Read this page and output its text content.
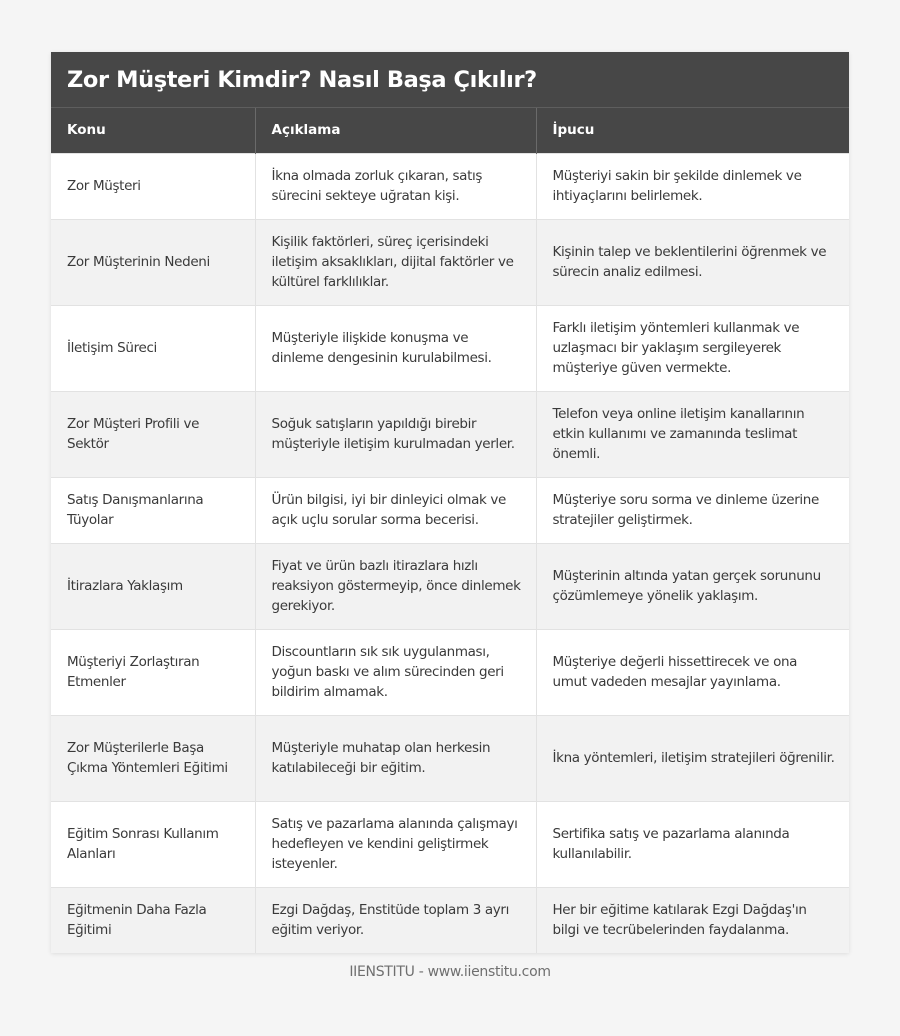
Zor Müşteri Kimdir? Nasıl Başa Çıkılır?
Konu	Açıklama	İpucu
Zor Müşteri	İkna olmada zorluk çıkaran, satış sürecini sekteye uğratan kişi.	Müşteriyi sakin bir şekilde dinlemek ve ihtiyaçlarını belirlemek.
Zor Müşterinin Nedeni	Kişilik faktörleri, süreç içerisindeki iletişim aksaklıkları, dijital faktörler ve kültürel farklılıklar.	Kişinin talep ve beklentilerini öğrenmek ve sürecin analiz edilmesi.
İletişim Süreci	Müşteriyle ilişkide konuşma ve dinleme dengesinin kurulabilmesi.	Farklı iletişim yöntemleri kullanmak ve uzlaşmacı bir yaklaşım sergileyerek müşteriye güven vermekte.
Zor Müşteri Profili ve Sektör	Soğuk satışların yapıldığı birebir müşteriyle iletişim kurulmadan yerler.	Telefon veya online iletişim kanallarının etkin kullanımı ve zamanında teslimat önemli.
Satış Danışmanlarına Tüyolar	Ürün bilgisi, iyi bir dinleyici olmak ve açık uçlu sorular sorma becerisi.	Müşteriye soru sorma ve dinleme üzerine stratejiler geliştirmek.
İtirazlara Yaklaşım	Fiyat ve ürün bazlı itirazlara hızlı reaksiyon göstermeyip, önce dinlemek gerekiyor.	Müşterinin altında yatan gerçek sorununu çözümlemeye yönelik yaklaşım.
Müşteriyi Zorlaştıran Etmenler	Discountların sık sık uygulanması, yoğun baskı ve alım sürecinden geri bildirim almamak.	Müşteriye değerli hissettirecek ve ona umut vadeden mesajlar yayınlama.
Zor Müşterilerle Başa Çıkma Yöntemleri Eğitimi	Müşteriyle muhatap olan herkesin katılabileceği bir eğitim.	İkna yöntemleri, iletişim stratejileri öğrenilir.
Eğitim Sonrası Kullanım Alanları	Satış ve pazarlama alanında çalışmayı hedefleyen ve kendini geliştirmek isteyenler.	Sertifika satış ve pazarlama alanında kullanılabilir.
Eğitmenin Daha Fazla Eğitimi	Ezgi Dağdaş, Enstitüde toplam 3 ayrı eğitim veriyor.	Her bir eğitime katılarak Ezgi Dağdaş'ın bilgi ve tecrübelerinden faydalanma.
IIENSTITU - www.iienstitu.com
